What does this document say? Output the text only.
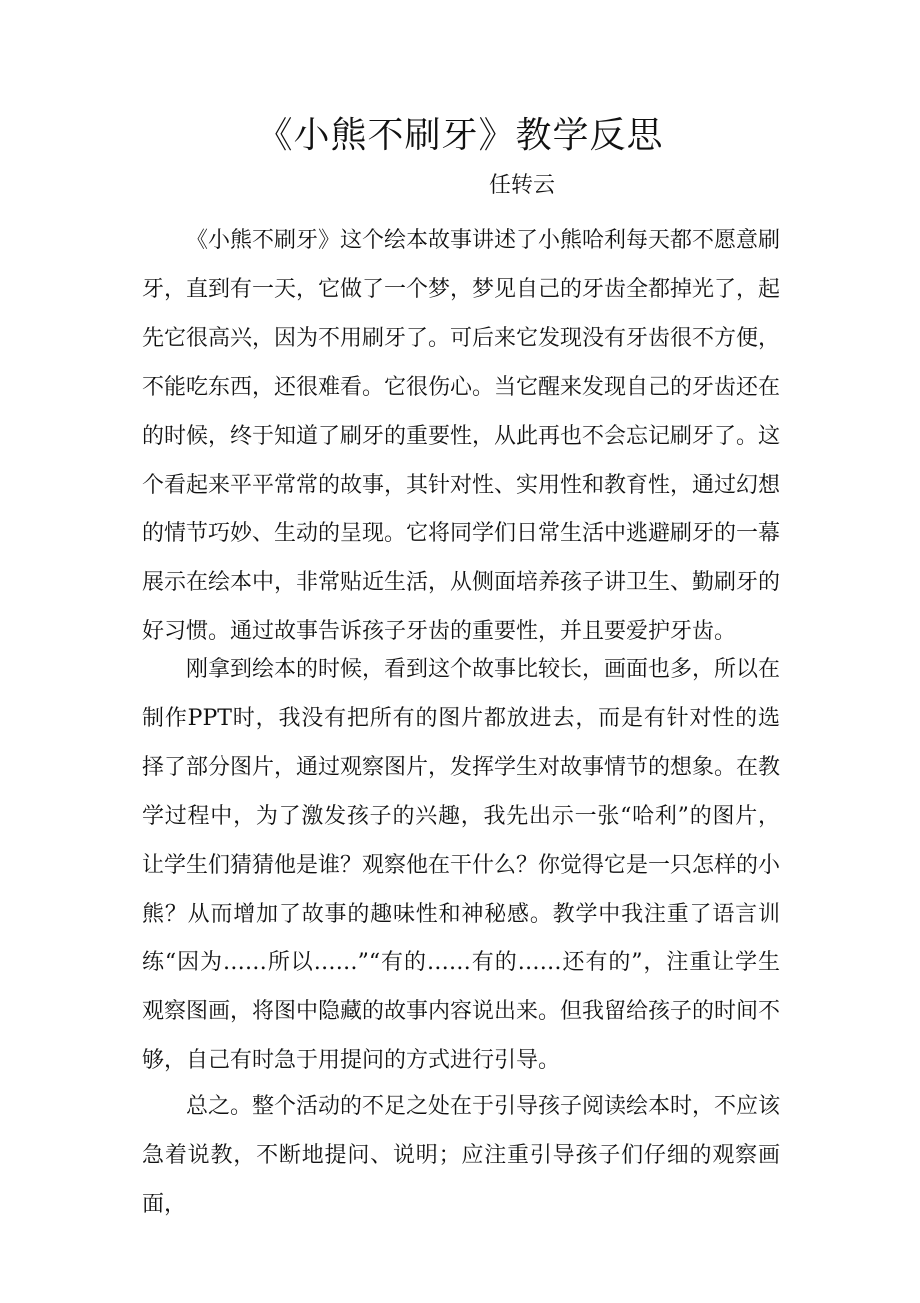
《小熊不刷牙》教学反思
任转云

《小熊不刷牙》这个绘本故事讲述了小熊哈利每天都不愿意刷牙，直到有一天，它做了一个梦，梦见自己的牙齿全都掉光了，起先它很高兴，因为不用刷牙了。可后来它发现没有牙齿很不方便，不能吃东西，还很难看。它很伤心。当它醒来发现自己的牙齿还在的时候，终于知道了刷牙的重要性，从此再也不会忘记刷牙了。这个看起来平平常常的故事，其针对性、实用性和教育性，通过幻想的情节巧妙、生动的呈现。它将同学们日常生活中逃避刷牙的一幕展示在绘本中，非常贴近生活，从侧面培养孩子讲卫生、勤刷牙的好习惯。通过故事告诉孩子牙齿的重要性，并且要爱护牙齿。

刚拿到绘本的时候，看到这个故事比较长，画面也多，所以在制作PPT时，我没有把所有的图片都放进去，而是有针对性的选择了部分图片，通过观察图片，发挥学生对故事情节的想象。在教学过程中，为了激发孩子的兴趣，我先出示一张“哈利”的图片，让学生们猜猜他是谁？观察他在干什么？你觉得它是一只怎样的小熊？从而增加了故事的趣味性和神秘感。教学中我注重了语言训练“因为……所以……”“有的……有的……还有的”，注重让学生观察图画，将图中隐藏的故事内容说出来。但我留给孩子的时间不够，自己有时急于用提问的方式进行引导。

总之。整个活动的不足之处在于引导孩子阅读绘本时，不应该急着说教，不断地提问、说明；应注重引导孩子们仔细的观察画面，
